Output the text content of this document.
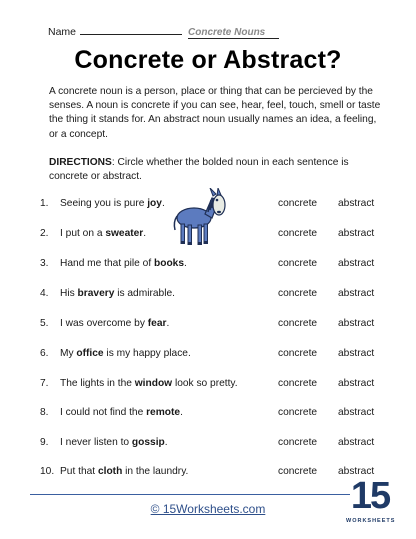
Name	Concrete Nouns
Concrete or Abstract?
A concrete noun is a person, place or thing that can be percieved by the senses. A noun is concrete if you can see, hear, feel, touch, smell or taste the thing it stands for. An abstract noun usually names an idea, a feeling, or a concept.
DIRECTIONS: Circle whether the bolded noun in each sentence is concrete or abstract.
1. Seeing you is pure joy.	concrete abstract
2. I put on a sweater.	concrete abstract
3. Hand me that pile of books.	concrete abstract
4. His bravery is admirable.	concrete abstract
5. I was overcome by fear.	concrete abstract
6. My office is my happy place.	concrete abstract
7. The lights in the window look so pretty.	concrete abstract
8. I could not find the remote.	concrete abstract
9. I never listen to gossip.	concrete abstract
10. Put that cloth in the laundry.	concrete abstract
© 15Worksheets.com	15
WORKSHEETS
